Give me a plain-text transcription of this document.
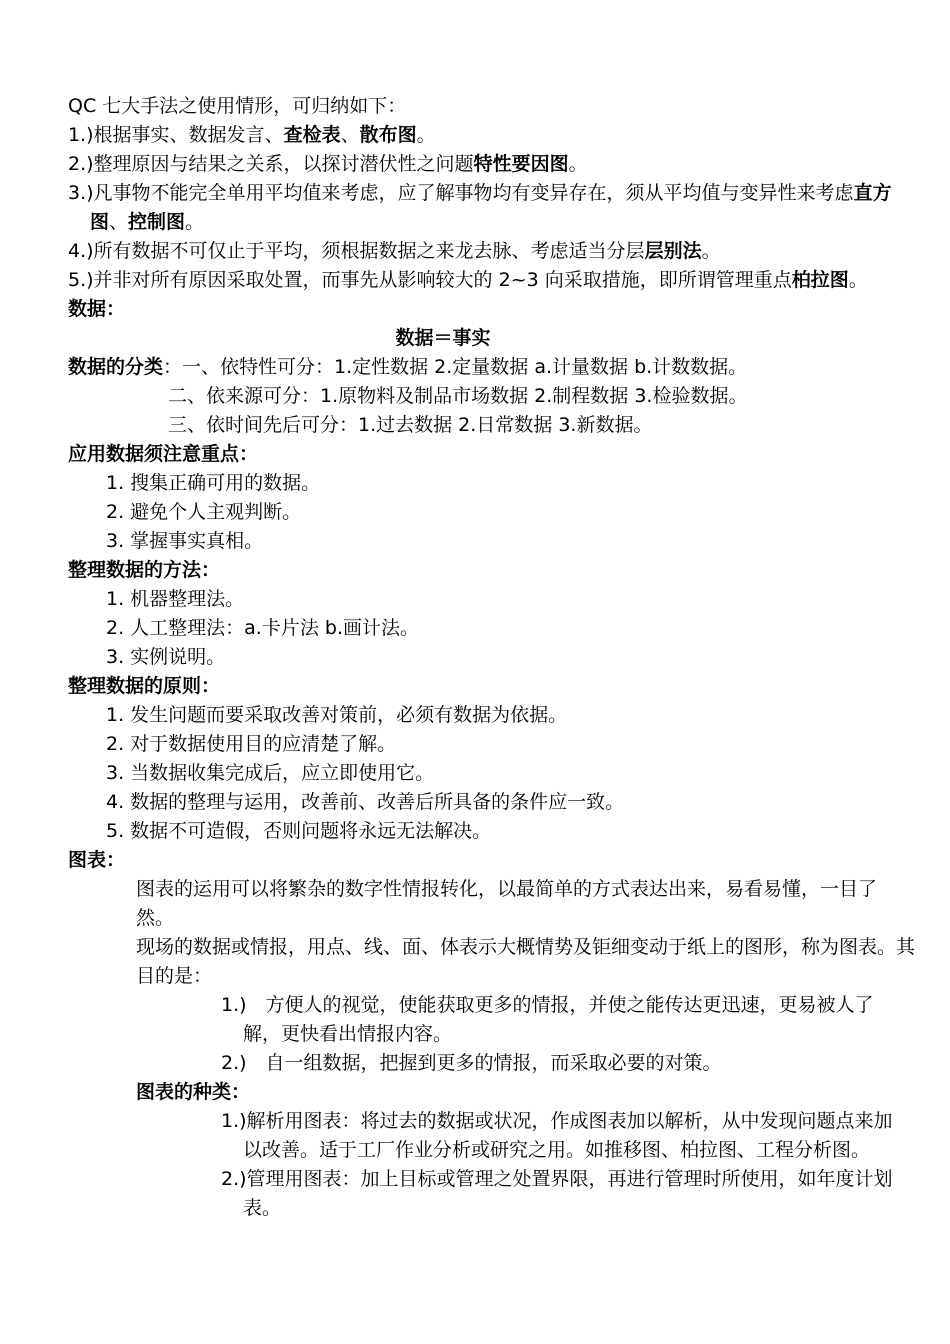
QC 七大手法之使用情形，可归纳如下：
1.)根据事实、数据发言、查检表、散布图。
2.)整理原因与结果之关系，以探讨潜伏性之问题特性要因图。
3.)凡事物不能完全单用平均值来考虑，应了解事物均有变异存在，须从平均值与变异性来考虑直方图、控制图。
4.)所有数据不可仅止于平均，须根据数据之来龙去脉、考虑适当分层层别法。
5.)并非对所有原因采取处置，而事先从影响较大的 2~3 向采取措施，即所谓管理重点柏拉图。
数据：
数据＝事实
数据的分类：一、依特性可分：1.定性数据 2.定量数据 a.计量数据 b.计数数据。
二、依来源可分：1.原物料及制品市场数据 2.制程数据 3.检验数据。
三、依时间先后可分：1.过去数据 2.日常数据 3.新数据。
应用数据须注意重点：
1. 搜集正确可用的数据。
2. 避免个人主观判断。
3. 掌握事实真相。
整理数据的方法：
1. 机器整理法。
2. 人工整理法：a.卡片法 b.画计法。
3. 实例说明。
整理数据的原则：
1. 发生问题而要采取改善对策前，必须有数据为依据。
2. 对于数据使用目的应清楚了解。
3. 当数据收集完成后，应立即使用它。
4. 数据的整理与运用，改善前、改善后所具备的条件应一致。
5. 数据不可造假，否则问题将永远无法解决。
图表：
图表的运用可以将繁杂的数字性情报转化，以最简单的方式表达出来，易看易懂，一目了然。
现场的数据或情报，用点、线、面、体表示大概情势及钜细变动于纸上的图形，称为图表。其目的是：
1.)　方便人的视觉，使能获取更多的情报，并使之能传达更迅速，更易被人了解，更快看出情报内容。
2.)　自一组数据，把握到更多的情报，而采取必要的对策。
图表的种类：
1.)解析用图表：将过去的数据或状况，作成图表加以解析，从中发现问题点来加以改善。适于工厂作业分析或研究之用。如推移图、柏拉图、工程分析图。
2.)管理用图表：加上目标或管理之处置界限，再进行管理时所使用，如年度计划表。
